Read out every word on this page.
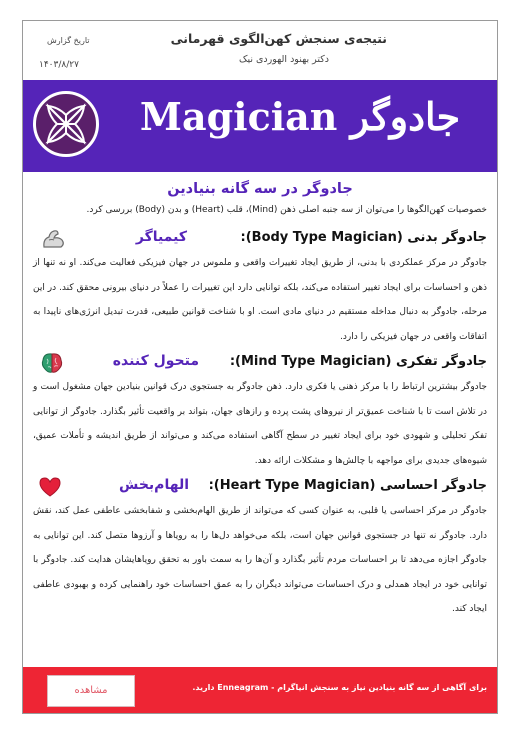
نتیجه‌ی سنجش کهن‌الگوی قهرمانی
دکتر بهنود الهوردی نیک
تاریخ گزارش
۱۴۰۳/۸/۲۷
جادوگر Magician
جادوگر در سه گانه بنیادین
خصوصیات کهن‌الگوها را می‌توان از سه جنبه اصلی ذهن (Mind)، قلب (Heart) و بدن (Body) بررسی کرد.
جادوگر بدنی (Body Type Magician):
کیمیاگر
جادوگر در مرکز عملکردی با بدنی، از طریق ایجاد تغییرات واقعی و ملموس در جهان فیزیکی فعالیت می‌کند. او نه تنها از ذهن و احساسات برای ایجاد تغییر استفاده می‌کند، بلکه توانایی دارد این تغییرات را عملاً در دنیای بیرونی محقق کند. در این مرحله، جادوگر به دنبال مداخله مستقیم در دنیای مادی است. او با شناخت قوانین طبیعی، قدرت تبدیل انرژی‌های ناپیدا به اتفاقات واقعی در جهان فیزیکی را دارد.
جادوگر تفکری (Mind Type Magician):
متحول کننده
جادوگر بیشترین ارتباط را با مرکز ذهنی یا فکری دارد. ذهن جادوگر به جستجوی درک قوانین بنیادین جهان مشغول است و در تلاش است تا با شناخت عمیق‌تر از نیروهای پشت پرده و رازهای جهان، بتواند بر واقعیت تأثیر بگذارد. جادوگر از توانایی تفکر تحلیلی و شهودی خود برای ایجاد تغییر در سطح آگاهی استفاده می‌کند و می‌تواند از طریق اندیشه و تأملات عمیق، شیوه‌های جدیدی برای مواجهه با چالش‌ها و مشکلات ارائه دهد.
جادوگر احساسی (Heart Type Magician):
الهام‌بخش
جادوگر در مرکز احساسی یا قلبی، به عنوان کسی که می‌تواند از طریق الهام‌بخشی و شفابخشی عاطفی عمل کند، نقش دارد. جادوگر نه تنها در جستجوی قوانین جهان است، بلکه می‌خواهد دل‌ها را به رویاها و آرزوها متصل کند. این توانایی به جادوگر اجازه می‌دهد تا بر احساسات مردم تأثیر بگذارد و آن‌ها را به سمت باور به تحقق رویاهایشان هدایت کند. جادوگر با توانایی خود در ایجاد همدلی و درک احساسات می‌تواند دیگران را به عمق احساسات خود راهنمایی کرده و بهبودی عاطفی ایجاد کند.
مشاهده	برای آگاهی از سه گانه بنیادین نیاز به سنجش انیاگرام - Enneagram دارید.
